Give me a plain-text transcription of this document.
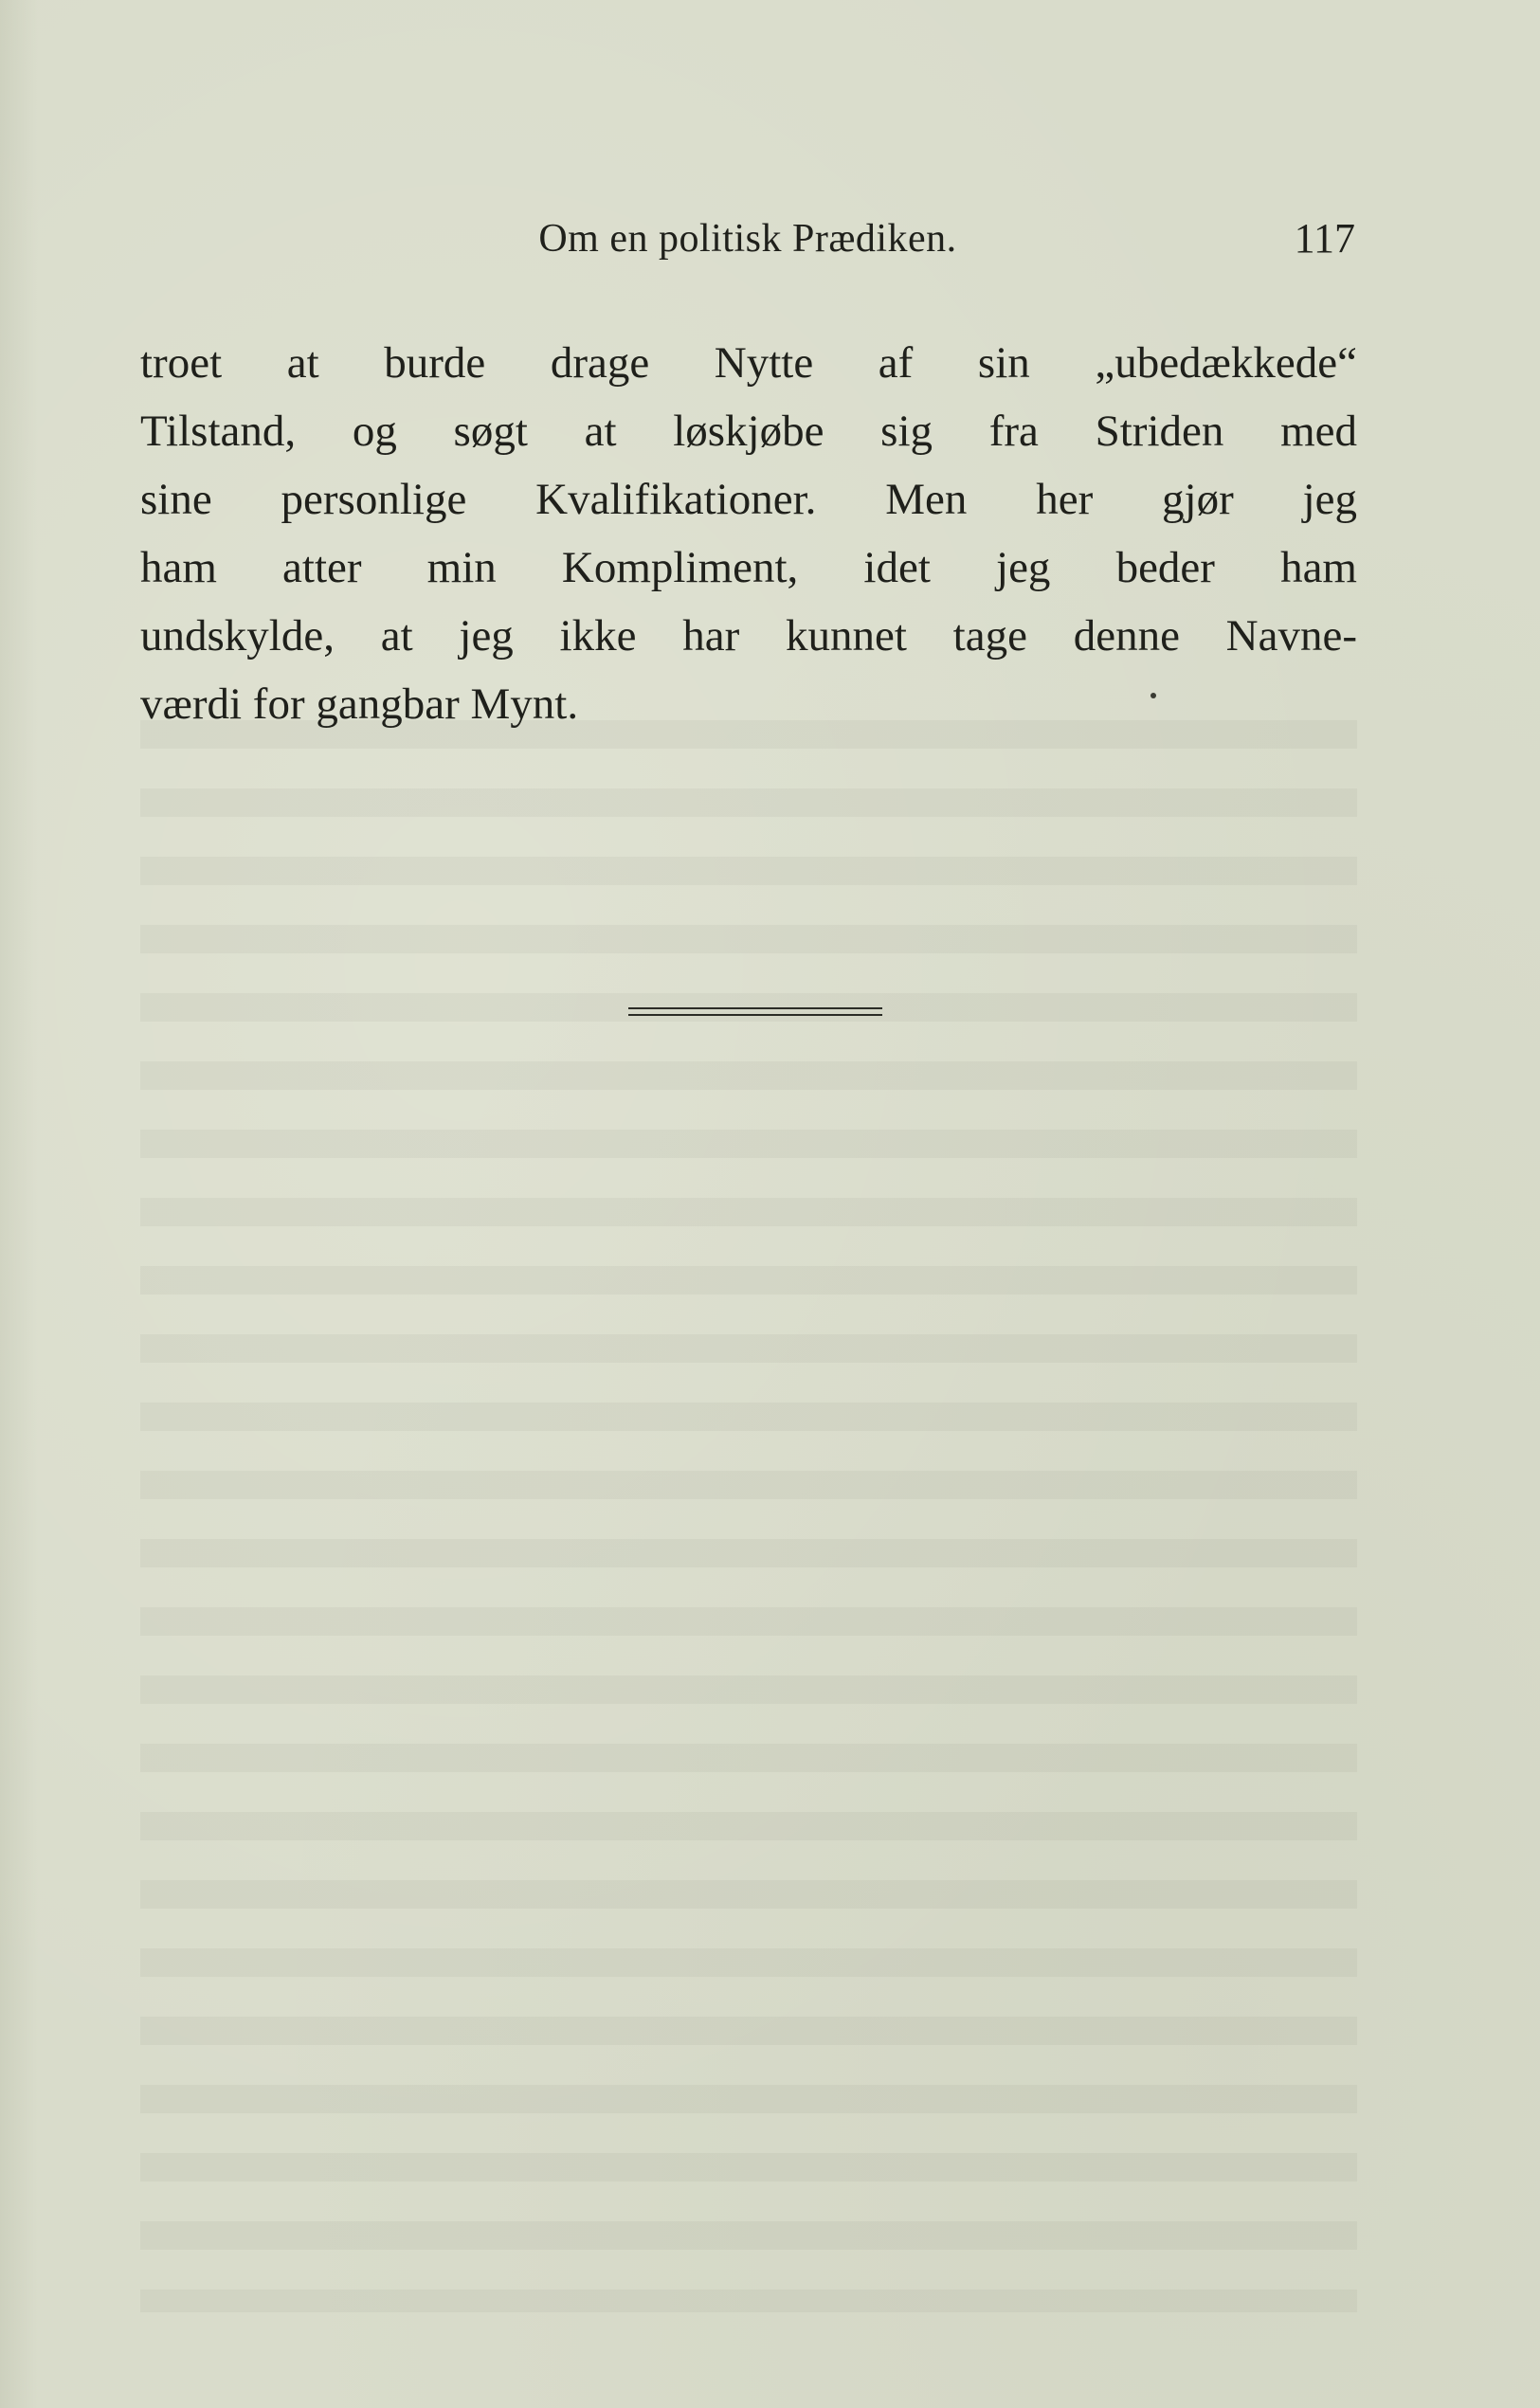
Om en politisk Prædiken.	117
troet at burde drage Nytte af sin „ubedækkede“
Tilstand, og søgt at løskjøbe sig fra Striden med
sine personlige Kvalifikationer. Men her gjør jeg
ham atter min Kompliment, idet jeg beder ham
undskylde, at jeg ikke har kunnet tage denne Navne-
værdi for gangbar Mynt.
